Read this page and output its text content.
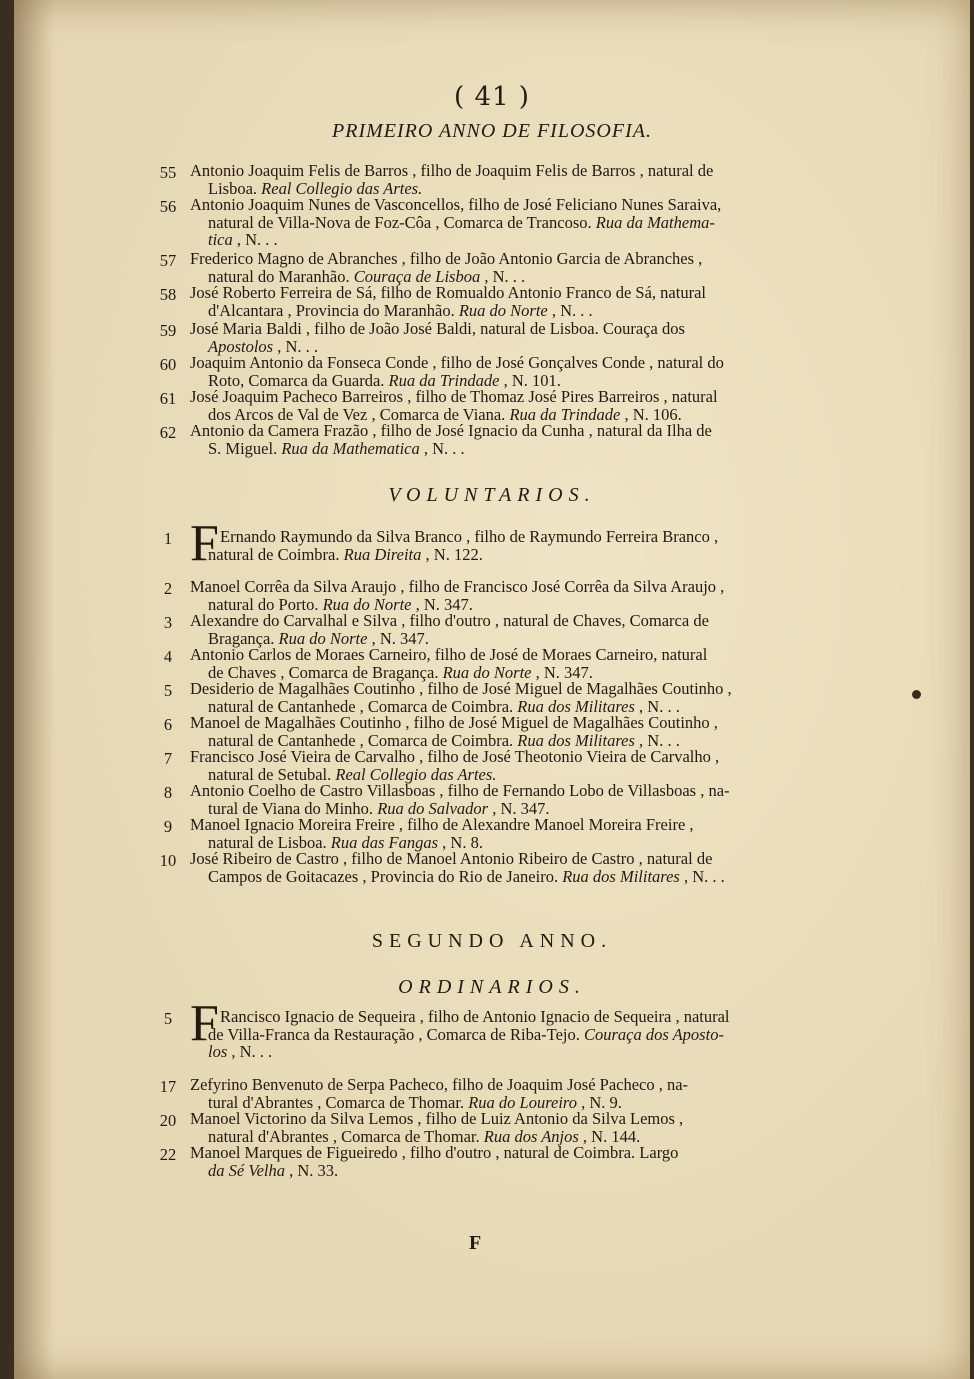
( 41 )
PRIMEIRO ANNO DE FILOSOFIA.
55 Antonio Joaquim Felis de Barros , filho de Joaquim Felis de Barros , natural de
Lisboa. Real Collegio das Artes.
56 Antonio Joaquim Nunes de Vasconcellos, filho de José Feliciano Nunes Saraiva,
natural de Villa-Nova de Foz-Côa , Comarca de Trancoso. Rua da Mathema-
tica , N. . .
57 Frederico Magno de Abranches , filho de João Antonio Garcia de Abranches ,
natural do Maranhão. Couraça de Lisboa , N. . .
58 José Roberto Ferreira de Sá, filho de Romualdo Antonio Franco de Sá, natural
d'Alcantara , Provincia do Maranhão. Rua do Norte , N. . .
59 José Maria Baldi , filho de João José Baldi, natural de Lisboa. Couraça dos
Apostolos , N. . .
60 Joaquim Antonio da Fonseca Conde , filho de José Gonçalves Conde , natural do
Roto, Comarca da Guarda. Rua da Trindade , N. 101.
61 José Joaquim Pacheco Barreiros , filho de Thomaz José Pires Barreiros , natural
dos Arcos de Val de Vez , Comarca de Viana. Rua da Trindade , N. 106.
62 Antonio da Camera Frazão , filho de José Ignacio da Cunha , natural da Ilha de
S. Miguel. Rua da Mathematica , N. . .
VOLUNTARIOS.
1 F Ernando Raymundo da Silva Branco , filho de Raymundo Ferreira Branco ,
natural de Coimbra. Rua Direita , N. 122.
2	Manoel Corrêa da Silva Araujo , filho de Francisco José Corrêa da Silva Araujo ,
natural do Porto. Rua do Norte , N. 347.
3	Alexandre do Carvalhal e Silva , filho d'outro , natural de Chaves, Comarca de
Bragança. Rua do Norte , N. 347.
4	Antonio Carlos de Moraes Carneiro, filho de José de Moraes Carneiro, natural
de Chaves , Comarca de Bragança. Rua do Norte , N. 347.
5	Desiderio de Magalhães Coutinho , filho de José Miguel de Magalhães Coutinho ,
natural de Cantanhede , Comarca de Coimbra. Rua dos Militares , N. . .
6	Manoel de Magalhães Coutinho , filho de José Miguel de Magalhães Coutinho ,
natural de Cantanhede , Comarca de Coimbra. Rua dos Militares , N. . .
7	Francisco José Vieira de Carvalho , filho de José Theotonio Vieira de Carvalho ,
natural de Setubal. Real Collegio das Artes.
8	Antonio Coelho de Castro Villasboas , filho de Fernando Lobo de Villasboas , na-
tural de Viana do Minho. Rua do Salvador , N. 347.
9	Manoel Ignacio Moreira Freire , filho de Alexandre Manoel Moreira Freire ,
natural de Lisboa. Rua das Fangas , N. 8.
10 José Ribeiro de Castro , filho de Manoel Antonio Ribeiro de Castro , natural de
Campos de Goitacazes , Provincia do Rio de Janeiro. Rua dos Militares , N. . .
SEGUNDO ANNO.
ORDINARIOS.
5 F Rancisco Ignacio de Sequeira , filho de Antonio Ignacio de Sequeira , natural
de Villa-Franca da Restauração , Comarca de Riba-Tejo. Couraça dos Aposto-
los , N. . .
17 Zefyrino Benvenuto de Serpa Pacheco, filho de Joaquim José Pacheco , na-
tural d'Abrantes , Comarca de Thomar. Rua do Loureiro , N. 9.
20 Manoel Victorino da Silva Lemos , filho de Luiz Antonio da Silva Lemos ,
natural d'Abrantes , Comarca de Thomar. Rua dos Anjos , N. 144.
22 Manoel Marques de Figueiredo , filho d'outro , natural de Coimbra. Largo
da Sé Velha , N. 33.
F
